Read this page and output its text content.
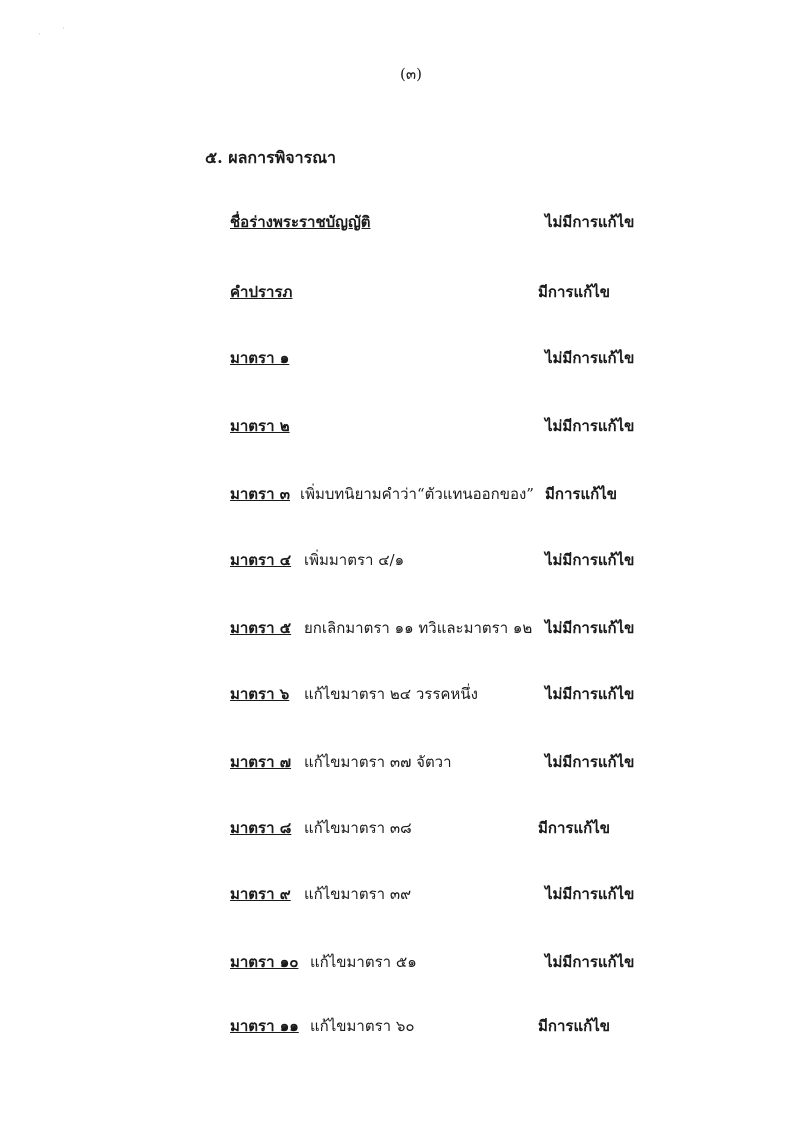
(๓)
๕. ผลการพิจารณา
ชื่อร่างพระราชบัญญัติ	ไม่มีการแก้ไข
คำปรารภ	มีการแก้ไข
มาตรา ๑	ไม่มีการแก้ไข
มาตรา ๒	ไม่มีการแก้ไข
มาตรา ๓ เพิ่มบทนิยามคำว่า“ตัวแทนออกของ” มีการแก้ไข
มาตรา ๔ เพิ่มมาตรา ๔/๑	ไม่มีการแก้ไข
มาตรา ๕ ยกเลิกมาตรา ๑๑ ทวิและมาตรา ๑๒ ไม่มีการแก้ไข
มาตรา ๖ แก้ไขมาตรา ๒๔ วรรคหนึ่ง	ไม่มีการแก้ไข
มาตรา ๗ แก้ไขมาตรา ๓๗ จัตวา	ไม่มีการแก้ไข
มาตรา ๘ แก้ไขมาตรา ๓๘	มีการแก้ไข
มาตรา ๙ แก้ไขมาตรา ๓๙	ไม่มีการแก้ไข
มาตรา ๑๐ แก้ไขมาตรา ๕๑	ไม่มีการแก้ไข
มาตรา ๑๑ แก้ไขมาตรา ๖๐	มีการแก้ไข
·
·
